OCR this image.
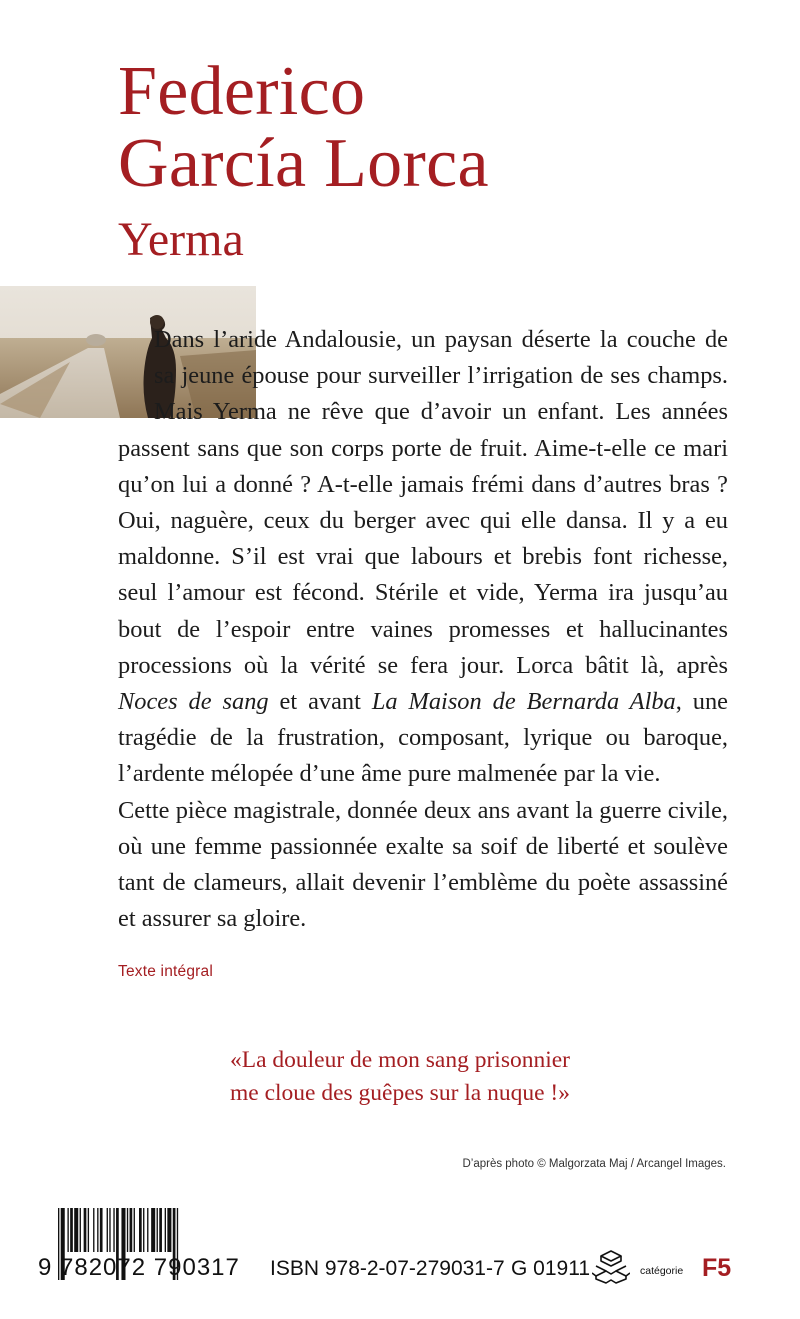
Federico
García Lorca
Yerma

Dans l’aride Andalousie, un paysan déserte la couche de sa jeune épouse pour surveiller l’irrigation de ses champs. Mais Yerma ne rêve que d’avoir un enfant. Les années passent sans que son corps porte de fruit. Aime-t-elle ce mari qu’on lui a donné ? A-t-elle jamais frémi dans d’autres bras ? Oui, naguère, ceux du berger avec qui elle dansa. Il y a eu maldonne. S’il est vrai que labours et brebis font richesse, seul l’amour est fécond. Stérile et vide, Yerma ira jusqu’au bout de l’espoir entre vaines promesses et hallucinantes processions où la vérité se fera jour. Lorca bâtit là, après Noces de sang et avant La Maison de Bernarda Alba, une tragédie de la frustration, composant, lyrique ou baroque, l’ardente mélopée d’une âme pure malmenée par la vie.

Cette pièce magistrale, donnée deux ans avant la guerre civile, où une femme passionnée exalte sa soif de liberté et soulève tant de clameurs, allait devenir l’emblème du poète assassiné et assurer sa gloire.

Texte intégral
«La douleur de mon sang prisonnier
me cloue des guêpes sur la nuque !»
D’après photo © Malgorzata Maj / Arcangel Images.
9 782072 790317 ISBN 978-2-07-279031-7 G 01911	catégorie F5
